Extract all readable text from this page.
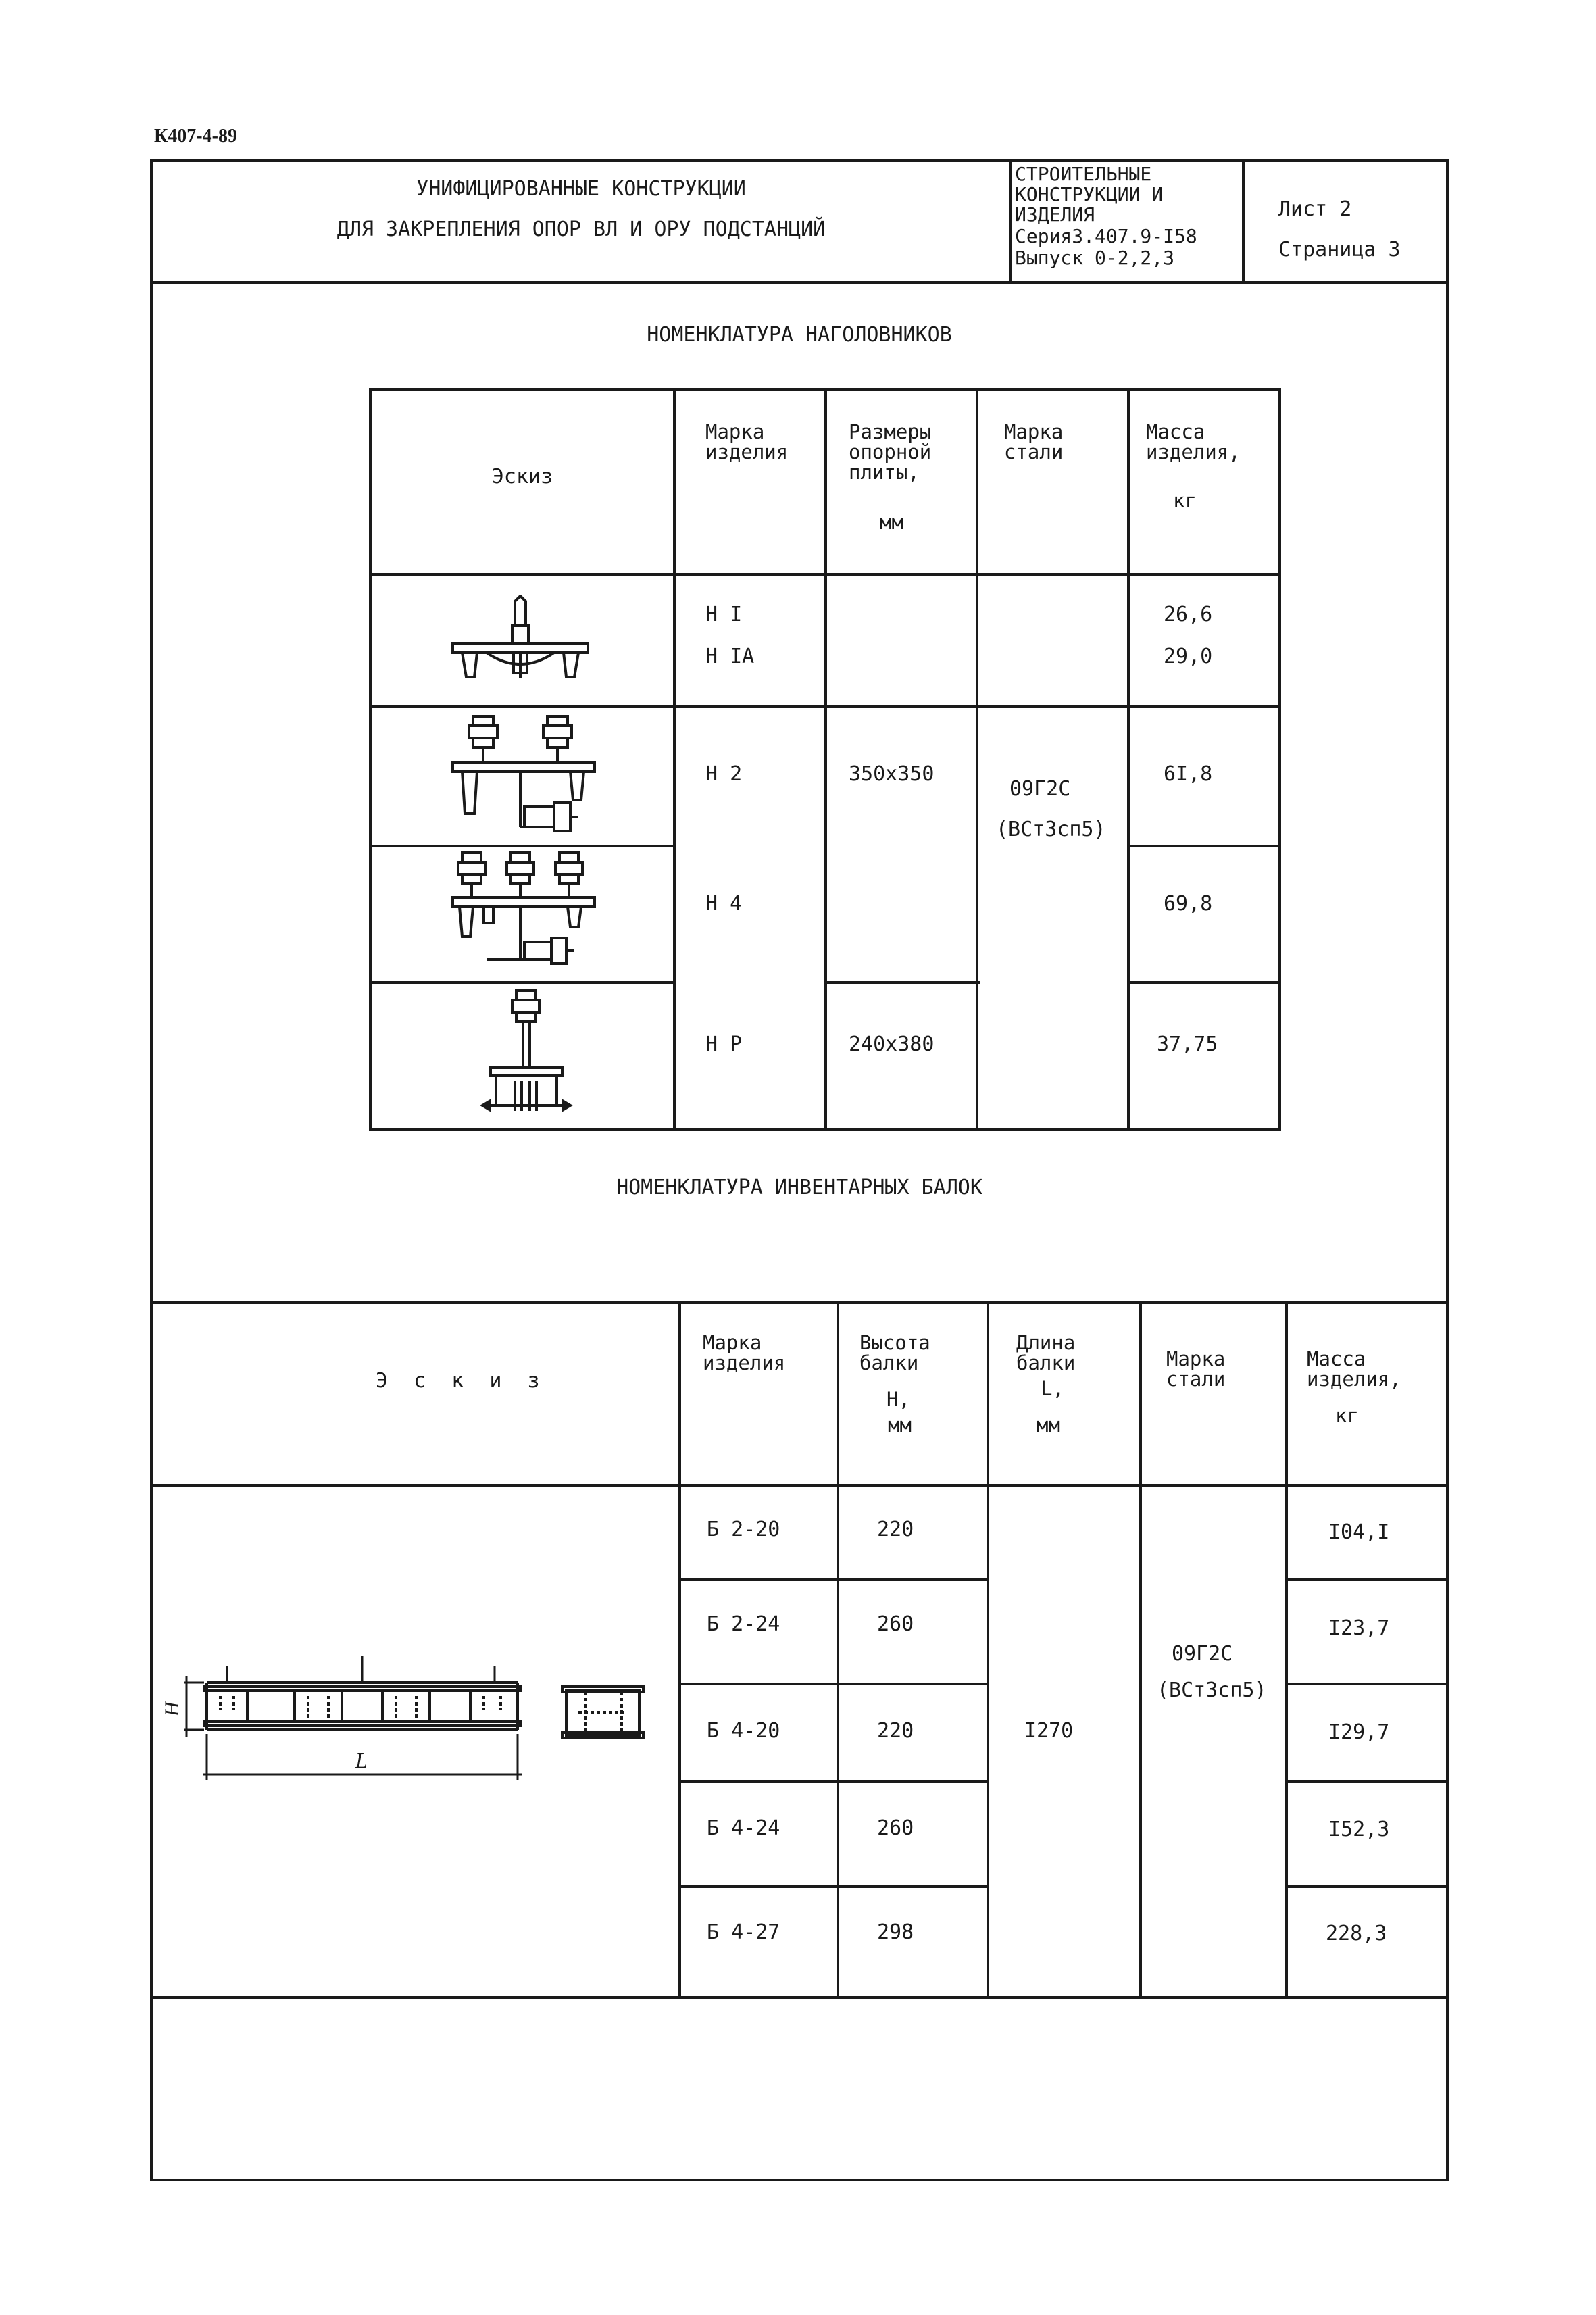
К407-4-89
УНИФИЦИРОВАННЫЕ КОНСТРУКЦИИ
ДЛЯ ЗАКРЕПЛЕНИЯ ОПОР ВЛ И ОРУ ПОДСТАНЦИЙ
СТРОИТЕЛЬНЫЕ
КОНСТРУКЦИИ И
ИЗДЕЛИЯ
Серия3.407.9-I58
Выпуск 0-2,2,3
Лист 2
Страница 3
НОМЕНКЛАТУРА НАГОЛОВНИКОВ
Эскиз
Марка
изделия
Размеры
опорной
плиты,
мм
Марка
стали
Масса
изделия,
кг
Н I
Н IA
Н 2
Н 4
Н Р
26,6
29,0
6I,8
69,8
37,75
350х350
240х380
09Г2С
(ВСт3сп5)
НОМЕНКЛАТУРА ИНВЕНТАРНЫХ БАЛОК
Э с к и з
Марка
изделия
Высота
балки
Н,
мм
Длина
балки
L,
мм
Марка
стали
Масса
изделия,
кг
Б 2-20
Б 2-24
Б 4-20
Б 4-24
Б 4-27
220
260
220
260
298
I04,I
I23,7
I29,7
I52,3
228,3
I270
09Г2С
(ВСт3сп5)
H
L
